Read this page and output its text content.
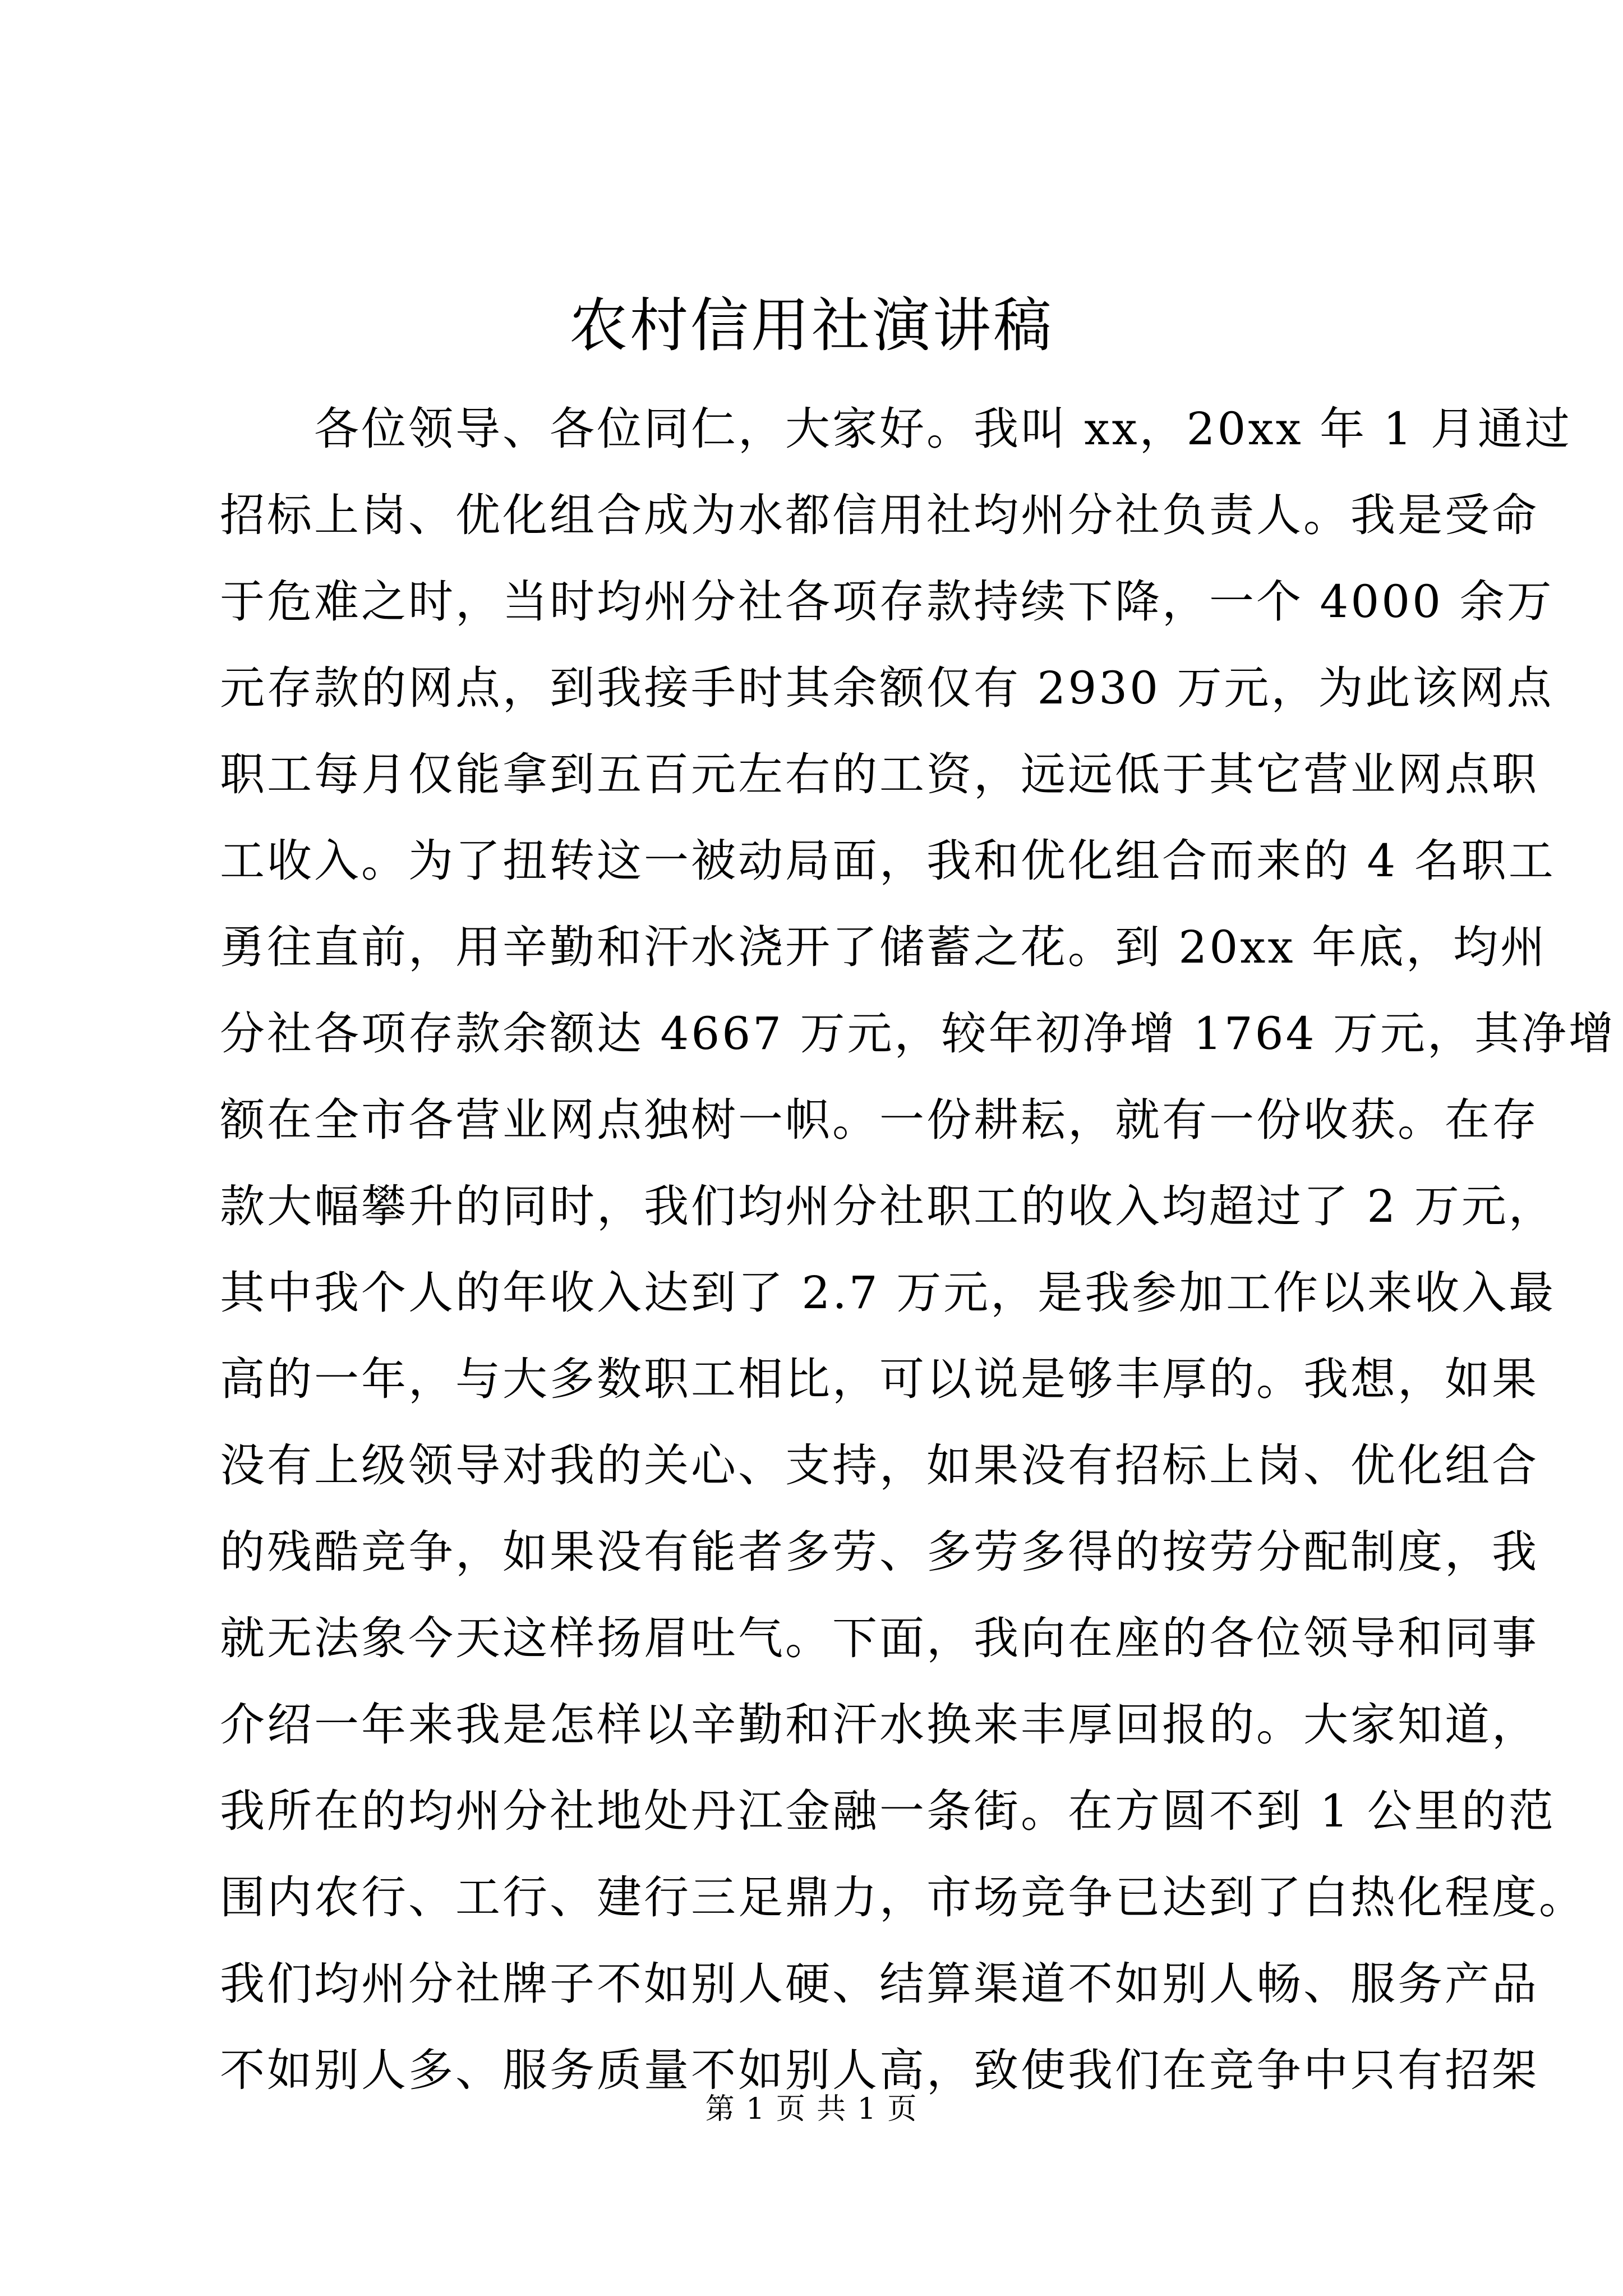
农村信用社演讲稿
各位领导、各位同仁，大家好。我叫 xx，20xx 年 1 月通过
招标上岗、优化组合成为水都信用社均州分社负责人。我是受命
于危难之时，当时均州分社各项存款持续下降，一个 4000 余万
元存款的网点，到我接手时其余额仅有 2930 万元，为此该网点
职工每月仅能拿到五百元左右的工资，远远低于其它营业网点职
工收入。为了扭转这一被动局面，我和优化组合而来的 4 名职工
勇往直前，用辛勤和汗水浇开了储蓄之花。到 20xx 年底，均州
分社各项存款余额达 4667 万元，较年初净增 1764 万元，其净增
额在全市各营业网点独树一帜。一份耕耘，就有一份收获。在存
款大幅攀升的同时，我们均州分社职工的收入均超过了 2 万元，
其中我个人的年收入达到了 2.7 万元，是我参加工作以来收入最
高的一年，与大多数职工相比，可以说是够丰厚的。我想，如果
没有上级领导对我的关心、支持，如果没有招标上岗、优化组合
的残酷竞争，如果没有能者多劳、多劳多得的按劳分配制度，我
就无法象今天这样扬眉吐气。下面，我向在座的各位领导和同事
介绍一年来我是怎样以辛勤和汗水换来丰厚回报的。大家知道，
我所在的均州分社地处丹江金融一条街。在方圆不到 1 公里的范
围内农行、工行、建行三足鼎力，市场竞争已达到了白热化程度。
我们均州分社牌子不如别人硬、结算渠道不如别人畅、服务产品
不如别人多、服务质量不如别人高，致使我们在竞争中只有招架

第 1 页 共 1 页
